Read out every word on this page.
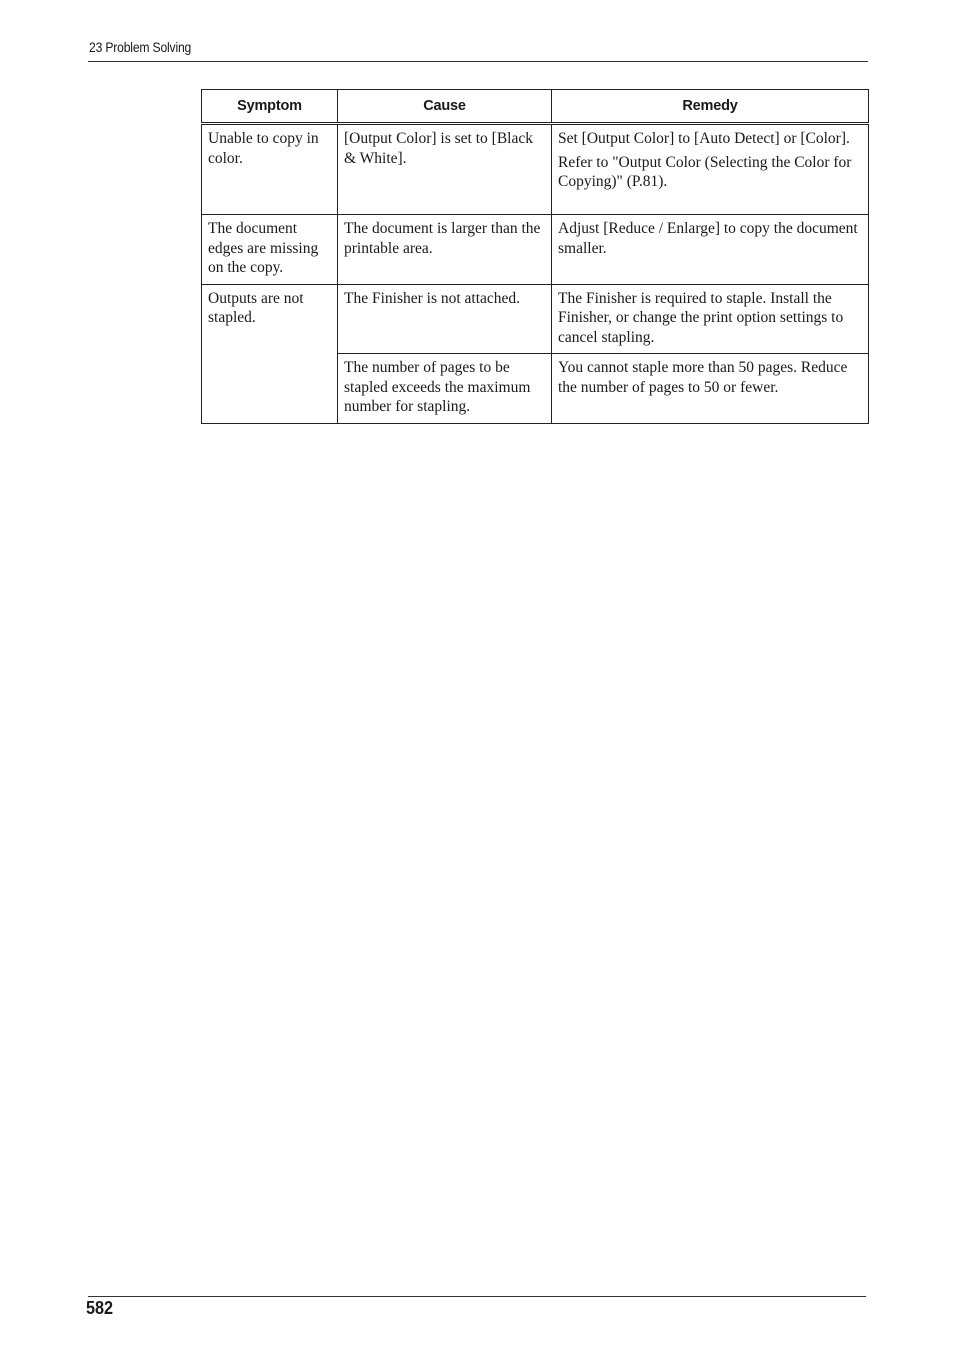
23 Problem Solving
Symptom	Cause	Remedy
Unable to copy in color.	[Output Color] is set to [Black & White].	Set [Output Color] to [Auto Detect] or [Color].

Refer to "Output Color (Selecting the Color for Copying)" (P.81).

The document edges are missing on the copy.	The document is larger than the printable area.	Adjust [Reduce / Enlarge] to copy the document smaller.

Outputs are not stapled.	The Finisher is not attached.	The Finisher is required to staple. Install the Finisher, or change the print option settings to cancel stapling.

	The number of pages to be stapled exceeds the maximum number for stapling.	You cannot staple more than 50 pages. Reduce the number of pages to 50 or fewer.

582
